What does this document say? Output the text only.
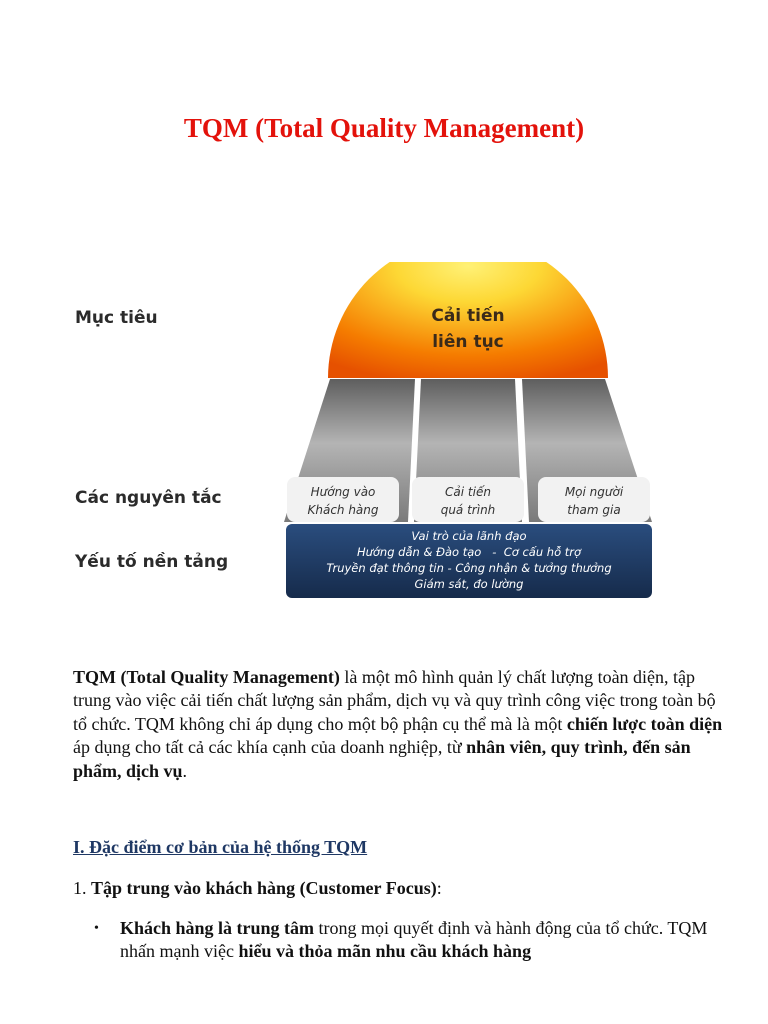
TQM (Total Quality Management)
Cải tiến
liên tục
Hướng vào
Khách hàng
Cải tiến
quá trình
Mọi người
tham gia
Vai trò của lãnh đạo
Hướng dẫn & Đào tạo   -  Cơ cấu hỗ trợ
Truyền đạt thông tin - Công nhận & tưởng thưởng
Giám sát, đo lường
Mục tiêu
Các nguyên tắc
Yếu tố nền tảng

TQM (Total Quality Management) là một mô hình quản lý chất lượng toàn diện, tập trung vào việc cải tiến chất lượng sản phẩm, dịch vụ và quy trình công việc trong toàn bộ tổ chức. TQM không chỉ áp dụng cho một bộ phận cụ thể mà là một chiến lược toàn diện áp dụng cho tất cả các khía cạnh của doanh nghiệp, từ nhân viên, quy trình, đến sản phẩm, dịch vụ.

I. Đặc điểm cơ bản của hệ thống TQM

1. Tập trung vào khách hàng (Customer Focus):

• Khách hàng là trung tâm trong mọi quyết định và hành động của tổ chức. TQM nhấn mạnh việc hiểu và thỏa mãn nhu cầu khách hàng
